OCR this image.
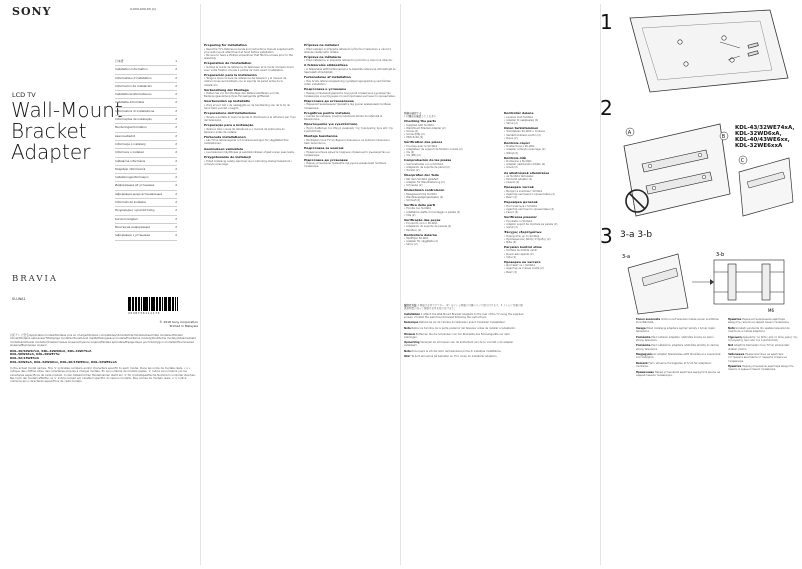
SONY	X-XXX-XXX-XX (1)
LCD TV
Wall-Mount
Bracket
Adapter
日本語	1
Installation Information	2
Informations d'installation	2
Información de instalación	2
Installationsinformationen	2
Installatie-informatie	2
Informazioni di installazione	2
Informações de instalação	2
Monteringsinformation	2
Asennustiedot	2
Informacje o instalacji	2
Informace o instalaci	2
Inštalačné informácie	2
Telepítési információk	2
Installeringsinformasjon	2
Информация об установке	2
Інформація щодо встановлення	2
Informatii de instalare	2
Πληροφορίες εγκατάστασης	2
Kurulum bilgileri	2
Монтажна информация	2
Інформація з установки	2
BRAVIA
SU-WA1
4 5 4 8 7 3 6 1 1 1 1 7 3
© 2018 Sony Corporation
Printed in Malaysia
対応テレビ型名/Applicable models/Modèles pris en charge/Modelos compatibles/Unterstützte Modelle/Geschikte modellen/Modelli idonei/Modelos aplicáveis/Tillämpliga modeller/Soveltuvat mallit/Obsługiwane modele/Použitelné modely/Použiteľné modely/Alkalmazható modellek/Aktuelle modeller/Совместимые модели/Сумісні моделі/Modele aplicabile/Εφαρμόσιμα μοντέλα/Uygun modeller/Приложими модели/Відповідні моделі
KDL-49/50W67xA, KDL-49W68xA, KDL-49W75xA
KDL-50W66xA, KDL-49WE75x
KDL-32/43WE5xA
KDL-32W6xA, KDL-32WD6xx, KDL-40/43WE6xx, KDL-32WE6xxA
In the actual model names, 'the 'x' indicates numbers and/or characters specific to each model. Dans les noms de modèle réels, « x » indique des chiffres et/ou des caractères propres à chaque modèle. En los nombres de modelo reales, 'x' indica los números y/o los caracteres específicos de cada modelo. In den tatsächlichen Modellnamen steht ein 'x' für modellspezifische Nummern und/oder Zeichen. Nei nomi dei modelli effettivi, la 'x' indica numeri e/o caratteri specifici di ciascun modello. Nos nomes de modelo reais, o 'x' indica números e/ou caracteres específicos de cada modelo.
Preparing for installation
• Read the TV's Reference Guide and instructions manual supplied with your wall-mount attachment at hand before installation.
• Be sure to have a Phillips screwdriver that fits the screws prior to the assembly.
Préparation de l'installation
• Gardez le Guide de référence du téléviseur et le mode d'emploi fourni avec votre fixation murale à portée de main avant l'installation.
Preparación para la instalación
• Tenga a mano la Guía de referencia del televisor y el manual de instrucciones suministrado con el soporte de pared antes de la instalación.
Vorbereitung der Montage
• Halten Sie vor der Montage den Referenzleitfaden und die Bedienungsanleitung Ihres Fernsehgeräts griffbereit.
Voorbereiden op installatie
• Zorg ervoor dat u de naslaggids en de handleiding van de tv bij de hand hebt voordat u begint.
Preparazione dell'installazione
• Tenere a portata di mano la Guida di riferimento e le istruzioni per l'uso del televisore.
Preparação para a instalação
• Tenha à mão o Guia de referência e o manual de instruções do televisor antes de instalar.
Förbereda installationen
• Läs TV:ns referensguide och bruksanvisningen för väggfästet före installationen.
Asennuksen valmistelu
• Lue television käyttöopas ja seinäkiinnikkeen ohjeet ennen asennusta.
Przygotowanie do instalacji
• Przed instalacją należy zapoznać się z instrukcją obsługi telewizora i uchwytu ściennego.
Příprava na instalaci
• Před instalací si připravte referenční příručku k televizoru a návod k obsluze nástěnného držáku.
Príprava na inštaláciu
• Pred inštaláciou si pripravte referenčnú príručku a návod na obsluhu.
A felszerelés előkészítése
• A felszerelés előtt tartsa kéznél a tv-készülék referencia-útmutatóját és használati útmutatóját.
Forberedelse af installation
• Hav tv'ets referencevejledning og betjeningsvejledning ved hånden inden installation.
Подготовка к установке
• Перед установкой держите под рукой справочное руководство телевизора и инструкцию по эксплуатации настенного кронштейна.
Підготовка до встановлення
• Перед встановленням тримайте під рукою довідковий посібник телевізора.
Pregătirea pentru instalare
• Înainte de instalare, țineți la îndemână Ghidul de referință al televizorului.
Προετοιμασία για εγκατάσταση
• Έχετε διαθέσιμο τον Οδηγό αναφοράς της τηλεόρασης πριν από την εγκατάσταση.
Montaja hazırlanma
• Montajdan önce TV'nin Başvuru Kılavuzunu ve kullanım kılavuzunu hazır bulundurun.
Подготовка за монтаж
• Преди монтажа дръжте подръка справочното ръководство на телевизора.
Підготовка до установки
• Перед установкою тримайте під рукою довідковий посібник телевізора.
開梱を確認する
• 付属品を確認してください
Checking the parts
• Supplied with SU-WA1
• Wall-Mount Bracket Adapter (2)
• Screw (2)
• Screw (M6) (4)
• PSW 6x20 (2)
Vérification des pièces
• Fournies avec le SU-WA1
• Adaptateur de support de fixation murale (2)
• Vis (2)
• Vis (M6) (4)
Comprobación de las piezas
• Suministradas con el SU-WA1
• Adaptador de soporte de pared (2)
• Tornillo (2)
Überprüfen der Teile
• Mit dem SU-WA1 geliefert
• Adapter für Wandhalterung (2)
• Schraube (2)
Onderdelen controleren
• Meegeleverd bij SU-WA1
• Wandbevestigingsadapter (2)
• Schroef (2)
Verifica delle parti
• Fornite con SU-WA1
• Adattatore staffa di montaggio a parete (2)
• Vite (2)
Verificação das peças
• Fornecido com o SU-WA1
• Adaptador do suporte de parede (2)
• Parafuso (2)
Kontrollera delarna
• Medföljer SU-WA1
• Adapter för väggfäste (2)
• Skruv (2)
Kontrollér delene
• Leveres med SU-WA1
• Adapter til vægbeslag (2)
• Skrue (2)
Osien tarkistaminen
• Toimitetaan SU-WA1:n mukana
• Seinäkiinnikkeen sovitin (2)
• Ruuvi (2)
Kontrola części
• Dostarczone z SU-WA1
• Adapter uchwytu ściennego (2)
• Wkręt (2)
Kontrola dílů
• Dodáváno s SU-WA1
• Adaptér nástěnného držáku (2)
• Šroub (2)
Az alkatrészek ellenőrzése
• Az SU-WA1 tartozékai
• Fali tartó adapter (2)
• Csavar (2)
Проверка частей
• Входит в комплект SU-WA1
• Адаптер настенного кронштейна (2)
• Винт (2)
Перевірка деталей
• Постачається з SU-WA1
• Адаптер настінного кронштейна (2)
• Гвинт (2)
Verificarea pieselor
• Furnizate cu SU-WA1
• Adaptor suport de montare pe perete (2)
• Șurub (2)
Έλεγχος εξαρτημάτων
• Παρέχονται με το SU-WA1
• Προσαρμογέας βάσης στήριξης (2)
• Βίδα (2)
Parçaları kontrol etme
• SU-WA1 ile birlikte verilir
• Duvar askı aparatı (2)
• Vida (2)
Проверка на частите
• Доставят се с SU-WA1
• Адаптер за стенна скоба (2)
• Винт (2)
取付け方法 1 壁掛け金具アダプター（2）をテレビ背面に付属のネジで取り付けます。2 テレビに付属の取扱説明書に従って壁掛け金具を取り付けます。
Installation 1 Attach the Wall-Mount Bracket Adapters to the rear of the TV using the supplied screws. 2 Install the wall-mount bracket following the instructions.
Remarque Retirez les vis de l'arrière du téléviseur avant d'installer l'adaptateur.
Nota Retire los tornillos de la parte posterior del televisor antes de instalar el adaptador.
Hinweis Entfernen Sie die Schrauben von der Rückseite des Fernsehgeräts vor dem Anbringen.
Opmerking Verwijder de schroeven van de achterkant van de tv voordat u de adapter installeert.
Nota Rimuovere le viti dal retro del televisore prima di installare l'adattatore.
Obs! Ta bort skruvarna på baksidan av TV:n innan du installerar adaptern.
1
2
3 3-a 3-b
KDL-43/32WE74xA,
KDL-32WD6xA,
KDL-40/43WE6xx,
KDL-32WE6xxA
A
B
C
3-a	3-b
M6
Ennen asennusta irrota ruuvit television takaa ennen sovittimen kiinnittämistä.
Uwaga Przed instalacją adaptera wykręć wkręty z tylnej części telewizora.
Poznámka Před instalací adaptéru odstraňte šrouby ze zadní strany televizoru.
Poznámka Pred inštaláciou adaptéra odstráňte skrutky zo zadnej strany televízora.
Megjegyzés Az adapter felszerelése előtt távolítsa el a csavarokat a tv hátuljáról.
Bemærk Fjern skruerne fra bagsiden af tv'et, før adapteren monteres.
Примечание Перед установкой адаптера выкрутите винты на задней панели телевизора.
Примітка Перед встановленням адаптера викрутіть гвинти на задній панелі телевізора.
Notă Scoateți șuruburile din spatele televizorului înainte de a instala adaptorul.
Σημείωση Αφαιρέστε τις βίδες από το πίσω μέρος της τηλεόρασης πριν από την εγκατάσταση.
Not Adaptörü takmadan önce TV'nin arkasındaki vidaları çıkarın.
Забележка Преди монтажа на адаптера отстранете винтовете от задната страна на телевизора.
Примітка Перед установкою адаптера викрутіть гвинти із задньої панелі телевізора.
